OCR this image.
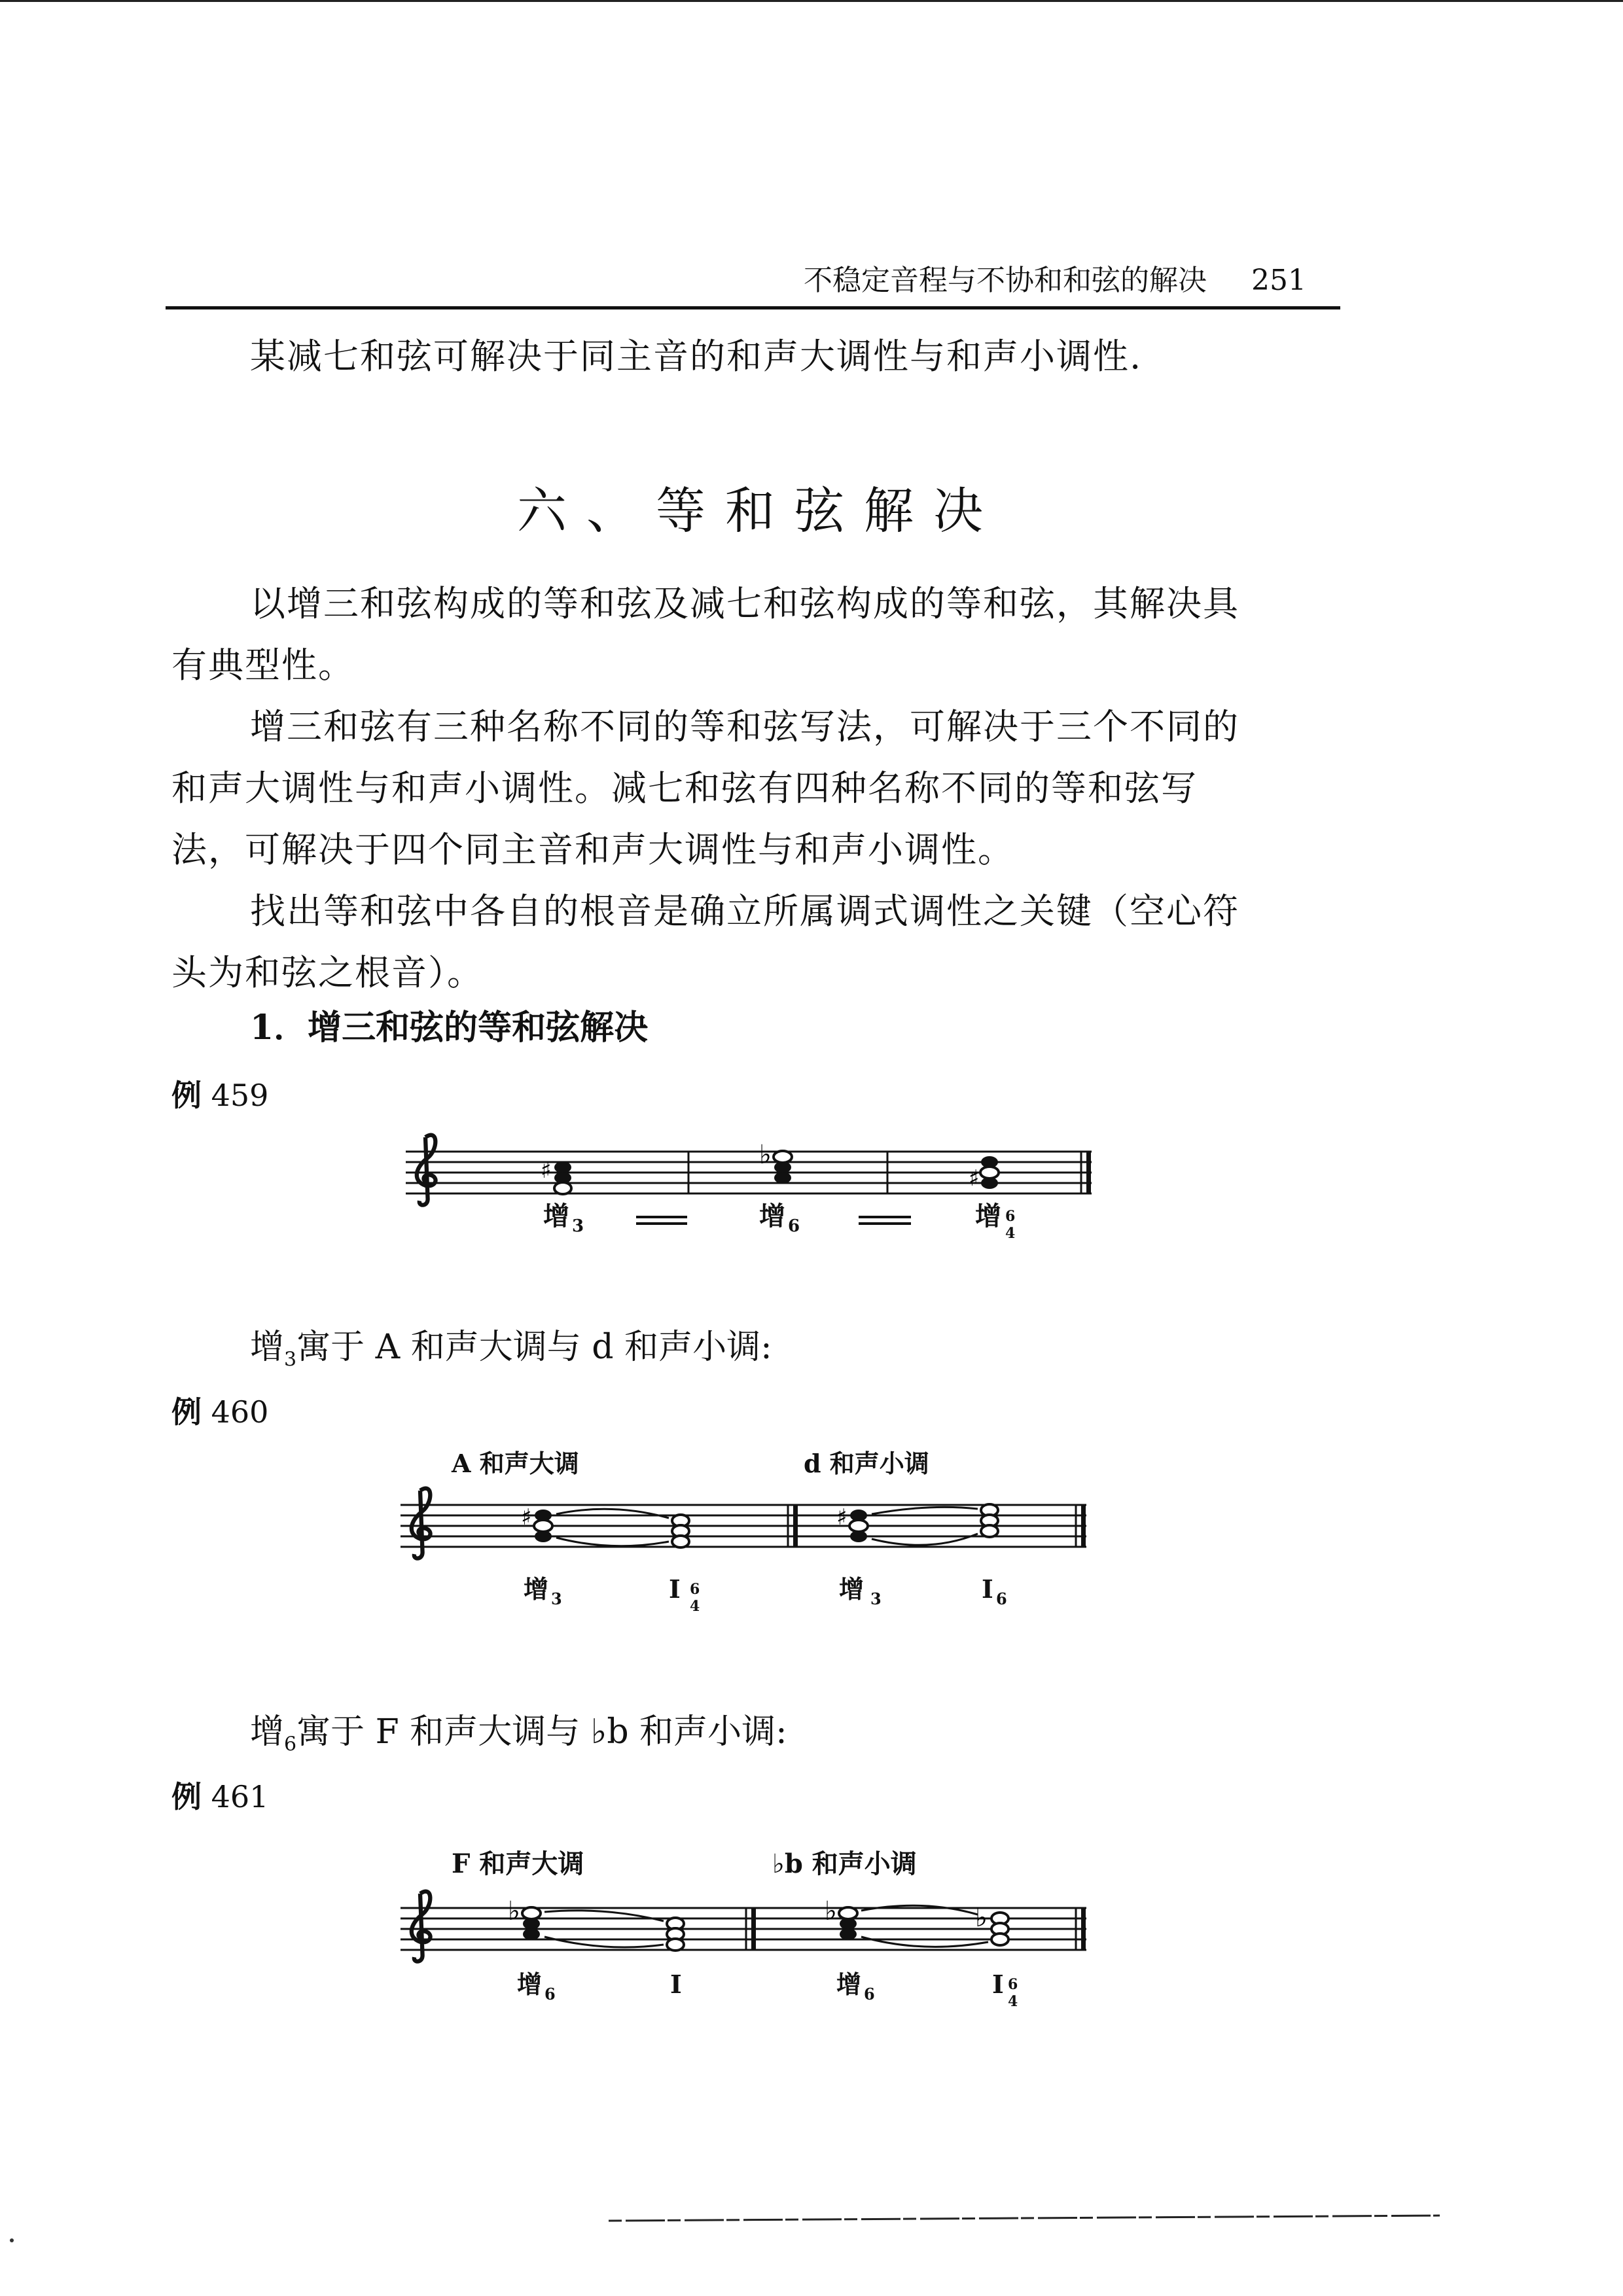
不稳定音程与不协和和弦的解决 251
某减七和弦可解决于同主音的和声大调性与和声小调性.
六、等和弦解决
以增三和弦构成的等和弦及减七和弦构成的等和弦，其解决具
有典型性。
增三和弦有三种名称不同的等和弦写法，可解决于三个不同的
和声大调性与和声小调性。减七和弦有四种名称不同的等和弦写
法，可解决于四个同主音和声大调性与和声小调性。
找出等和弦中各自的根音是确立所属调式调性之关键（空心符
头为和弦之根音）。
1．增三和弦的等和弦解决
例 459
增$_3$寓于 A 和声大调与 d 和声小调:
例 460
增$_6$寓于 F 和声大调与 ♭b 和声小调:
例 461
♯
♭
♯
增 3	增 6	增 6
4
♯	♯
A 和声大调	d 和声小调
增 3	I 6
4
增 3	I 6
♭	♭	♭
F 和声大调	♭b 和声小调
增 6	I	增 6	I 6
4
